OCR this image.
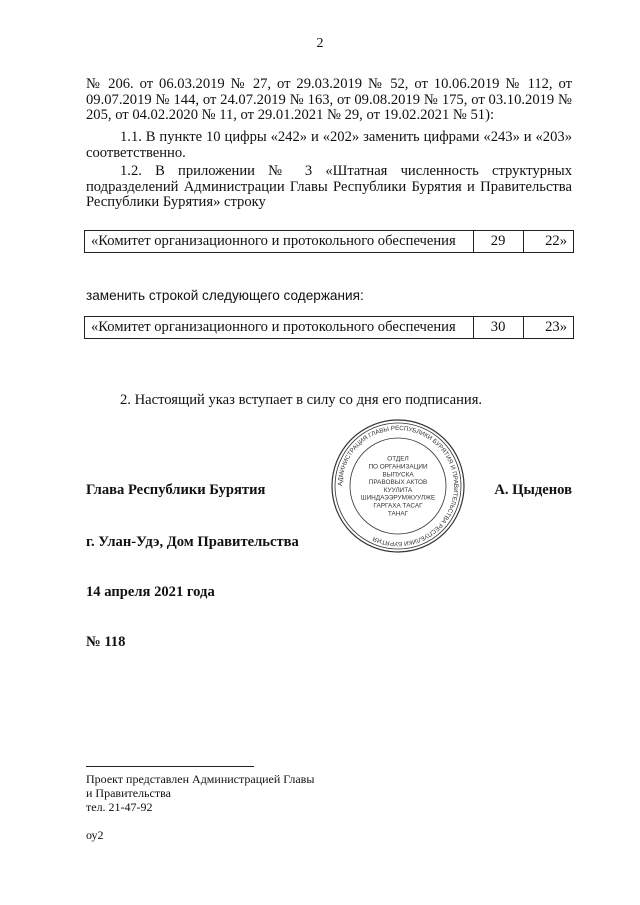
2

№ 206. от 06.03.2019 № 27, от 29.03.2019 № 52, от 10.06.2019 № 112, от 09.07.2019 № 144, от 24.07.2019 № 163, от 09.08.2019 № 175, от 03.10.2019 № 205, от 04.02.2020 № 11, от 29.01.2021 № 29, от 19.02.2021 № 51):

1.1. В пункте 10 цифры «242» и «202» заменить цифрами «243» и «203» соответственно.

1.2. В приложении № 3 «Штатная численность структурных подразделений Администрации Главы Республики Бурятия и Правительства Республики Бурятия» строку

«Комитет организационного и протокольного обеспечения	29	22»
заменить строкой следующего содержания:
«Комитет организационного и протокольного обеспечения	30	23»
2. Настоящий указ вступает в силу со дня его подписания.
АДМИНИСТРАЦИЯ ГЛАВЫ РЕСПУБЛИКИ БУРЯТИЯ И ПРАВИТЕЛЬСТВА РЕСПУБЛИКИ БУРЯТИЯ
ОТДЕЛ
ПО ОРГАНИЗАЦИИ
ВЫПУСКА
ПРАВОВЫХ АКТОВ
КУУЛИТА
ШИНДАЭЭРУМЖУУЛЖЕ
ГАРГАХА ТАСАГ
ТАНАГ
Глава Республики Бурятия	А. Цыденов
г. Улан-Удэ, Дом Правительства
14 апреля 2021 года
№ 118
Проект представлен Администрацией Главы
и Правительства
тел. 21-47-92
оу2
